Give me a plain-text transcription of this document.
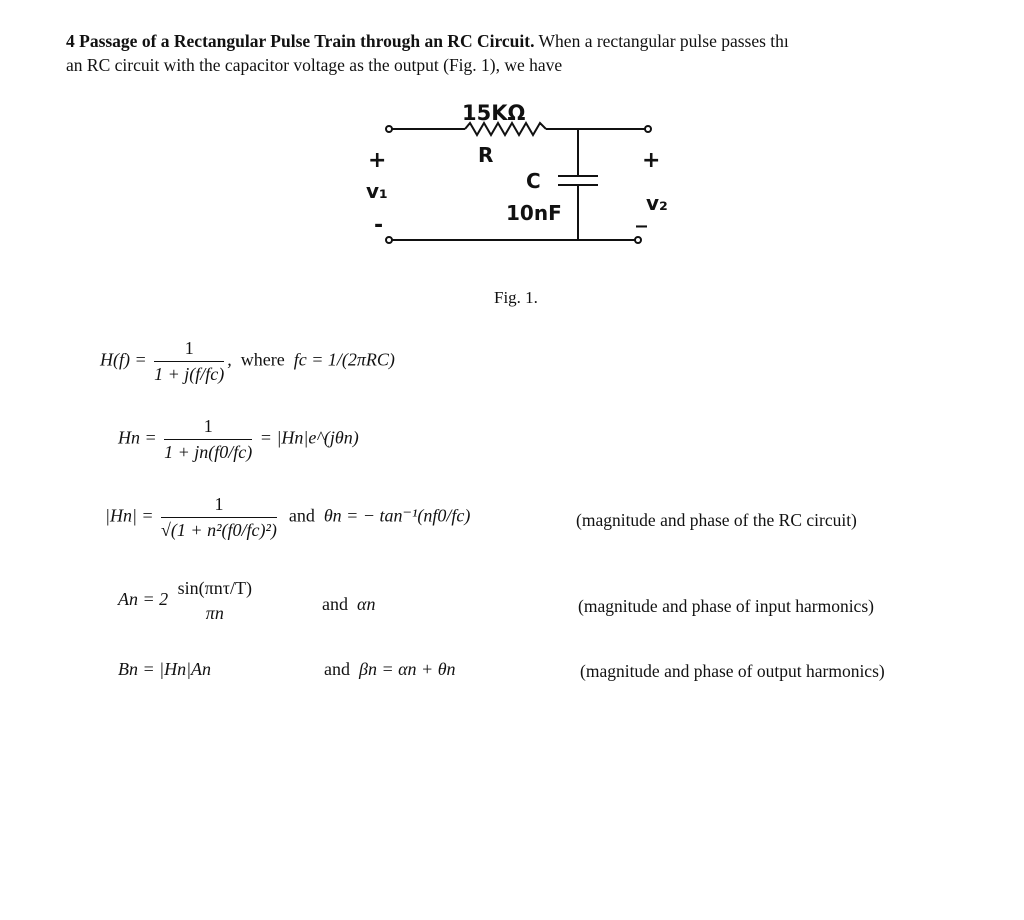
4 Passage of a Rectangular Pulse Train through an RC Circuit. When a rectangular pulse passes thı
an RC circuit with the capacitor voltage as the output (Fig. 1), we have
15KΩ
R
C
10nF
+
v₁
-
+
v₂
_
Fig. 1.
$H(f) = \frac{1}{1 + j(f/fc)}$ , where fc = 1/(2πRC)
$Hn = \frac{1}{1 + jn(f0/fc)}$ = |Hn|e^(jθn)
$|Hn| = \frac{1}{\text{√(1 + n²(f0/fc)²)}}$ and θn = − tan⁻¹(nf0/fc)	(magnitude and phase of the RC circuit)
An = 2
sin(πnτ/T)
πn	and αn	(magnitude and phase of input harmonics)
Bn = |Hn|An	and βn = αn + θn	(magnitude and phase of output harmonics)
